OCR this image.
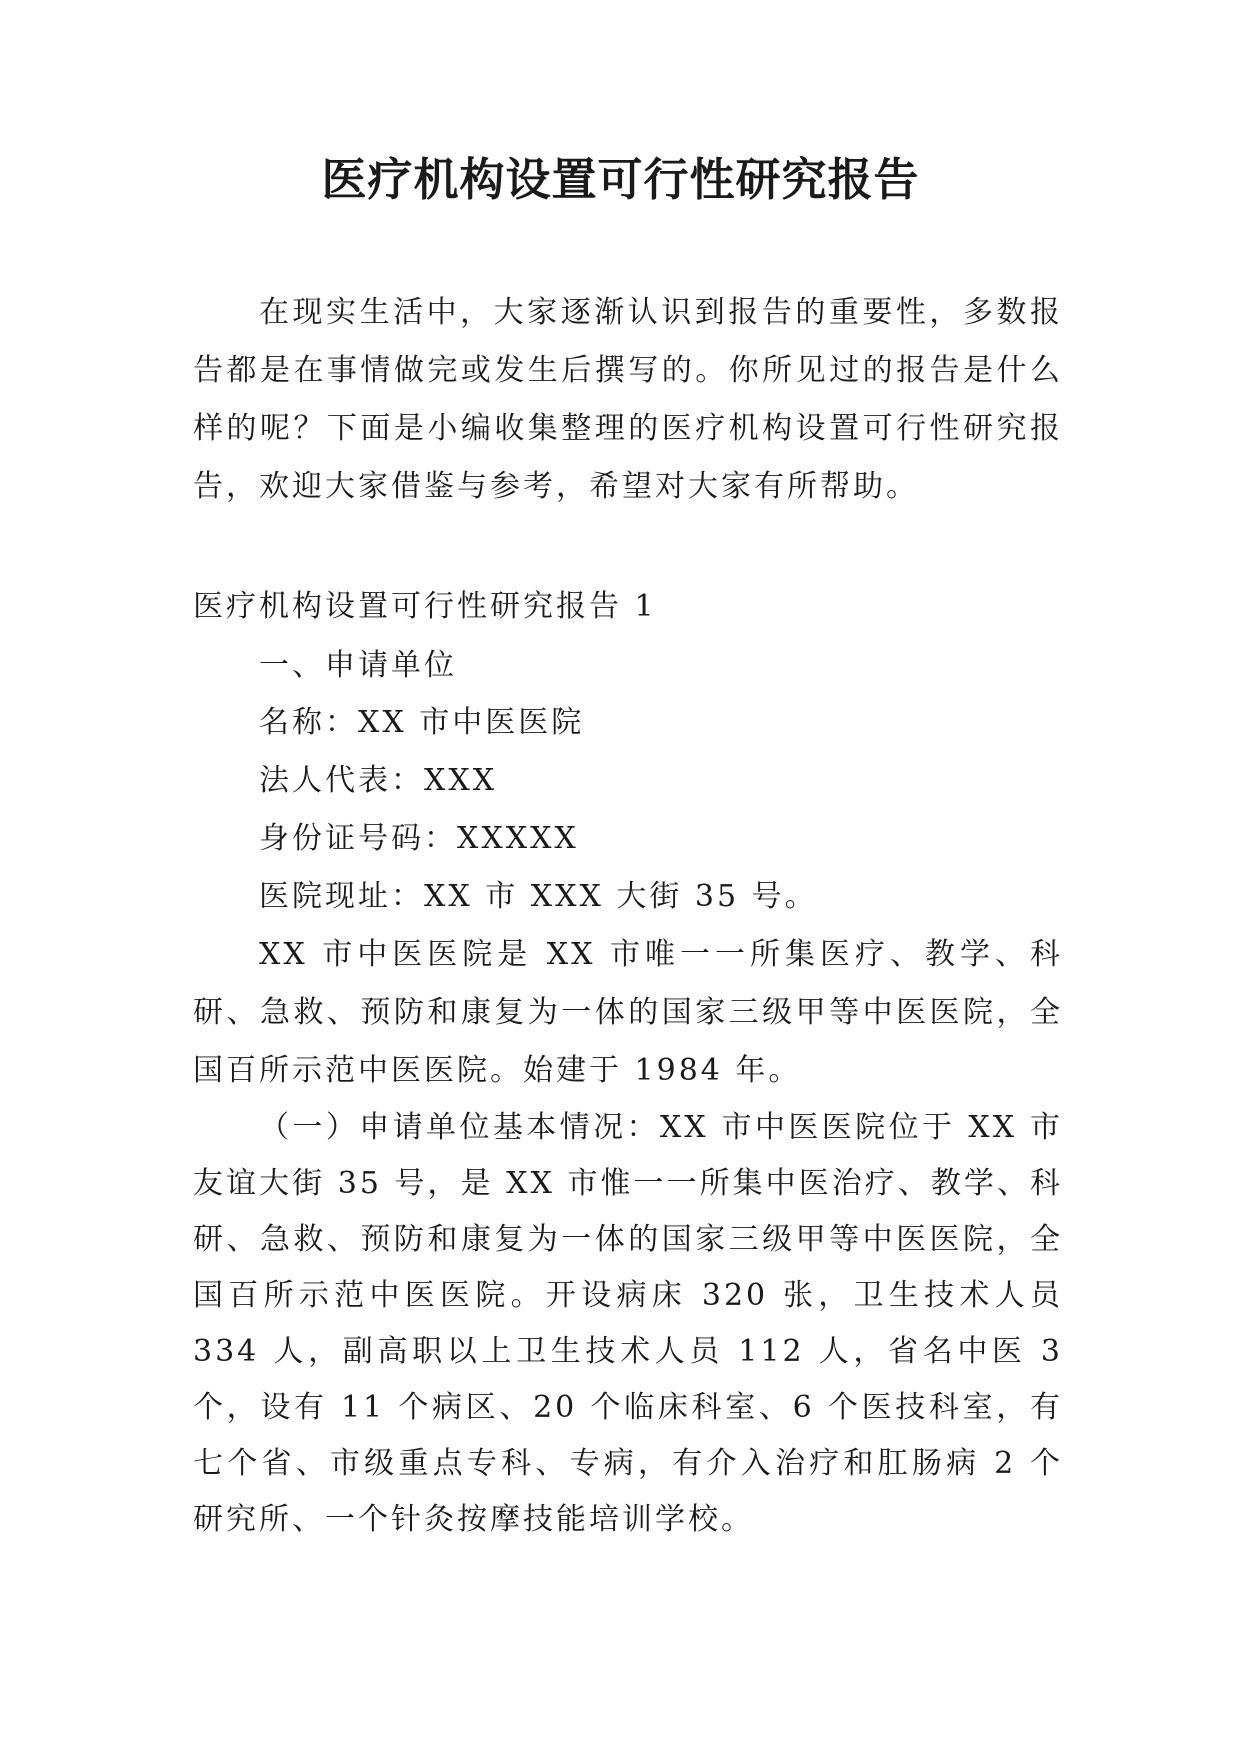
医疗机构设置可行性研究报告

在现实生活中，大家逐渐认识到报告的重要性，多数报告都是在事情做完或发生后撰写的。你所见过的报告是什么样的呢？下面是小编收集整理的医疗机构设置可行性研究报告，欢迎大家借鉴与参考，希望对大家有所帮助。

医疗机构设置可行性研究报告 1

一、申请单位

名称：XX 市中医医院

法人代表：XXX

身份证号码：XXXXX

医院现址：XX 市 XXX 大街 35 号。

XX 市中医医院是 XX 市唯一一所集医疗、教学、科研、急救、预防和康复为一体的国家三级甲等中医医院，全国百所示范中医医院。始建于 1984 年。

（一）申请单位基本情况：XX 市中医医院位于 XX 市友谊大街 35 号，是 XX 市惟一一所集中医治疗、教学、科研、急救、预防和康复为一体的国家三级甲等中医医院，全国百所示范中医医院。开设病床 320 张，卫生技术人员 334 人，副高职以上卫生技术人员 112 人，省名中医 3 个，设有 11 个病区、20 个临床科室、6 个医技科室，有七个省、市级重点专科、专病，有介入治疗和肛肠病 2 个研究所、一个针灸按摩技能培训学校。
